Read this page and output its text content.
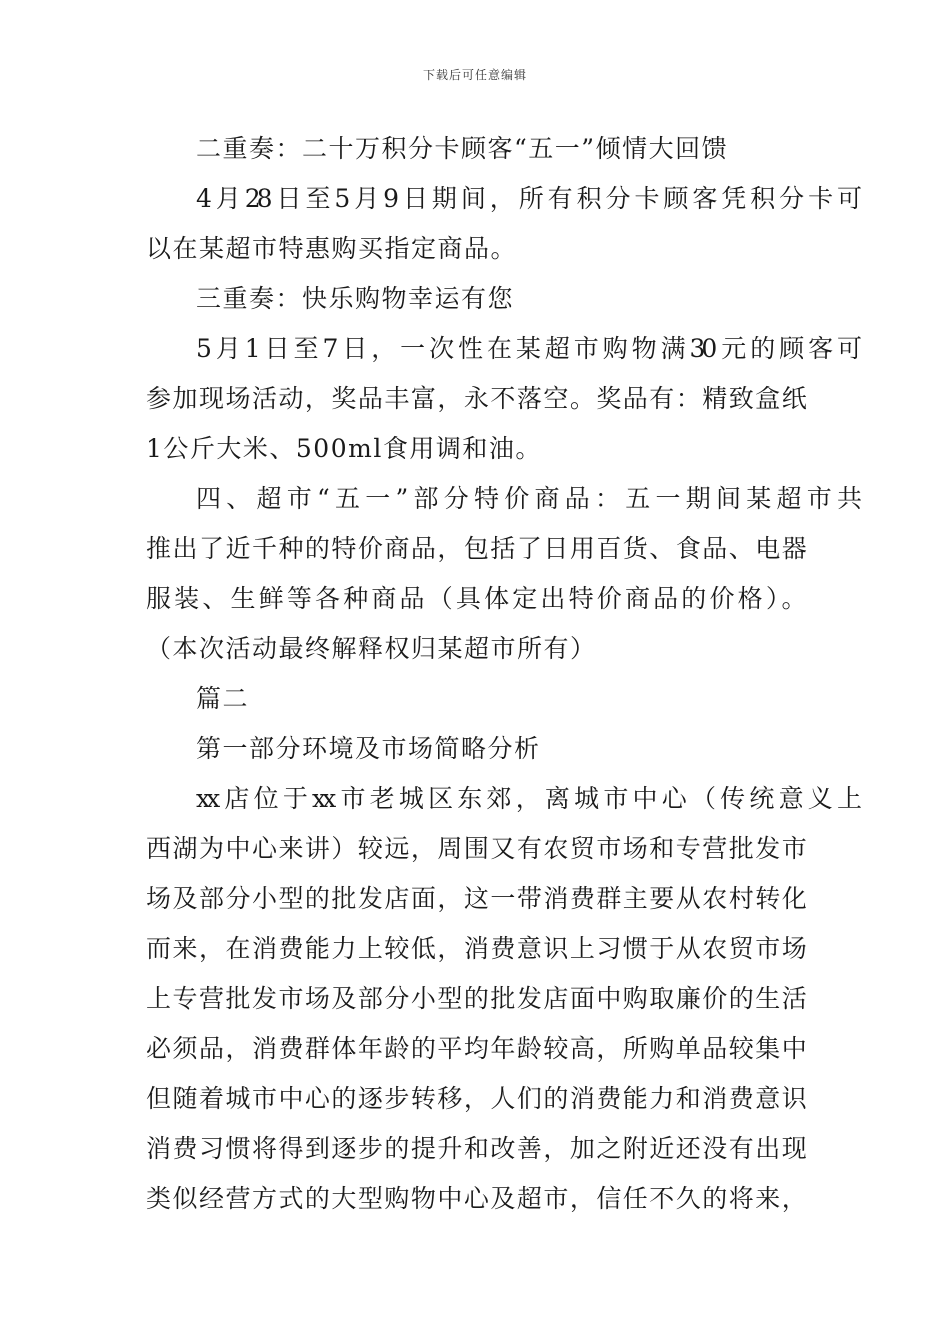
下载后可任意编辑
二重奏：二十万积分卡顾客“五一”倾情大回馈
4月28日至5月9日期间，所有积分卡顾客凭积分卡可
以在某超市特惠购买指定商品。
三重奏：快乐购物幸运有您
5月1日至7日，一次性在某超市购物满30元的顾客可
参加现场活动，奖品丰富，永不落空。奖品有：精致盒纸
1公斤大米、500ml食用调和油。
四、超市“五一”部分特价商品：五一期间某超市共
推出了近千种的特价商品，包括了日用百货、食品、电器
服装、生鲜等各种商品（具体定出特价商品的价格）。
（本次活动最终解释权归某超市所有）
篇二
第一部分环境及市场简略分析
xx店位于xx市老城区东郊，离城市中心（传统意义上
西湖为中心来讲）较远，周围又有农贸市场和专营批发市
场及部分小型的批发店面，这一带消费群主要从农村转化
而来，在消费能力上较低，消费意识上习惯于从农贸市场
上专营批发市场及部分小型的批发店面中购取廉价的生活
必须品，消费群体年龄的平均年龄较高，所购单品较集中
但随着城市中心的逐步转移，人们的消费能力和消费意识
消费习惯将得到逐步的提升和改善，加之附近还没有出现
类似经营方式的大型购物中心及超市，信任不久的将来，
